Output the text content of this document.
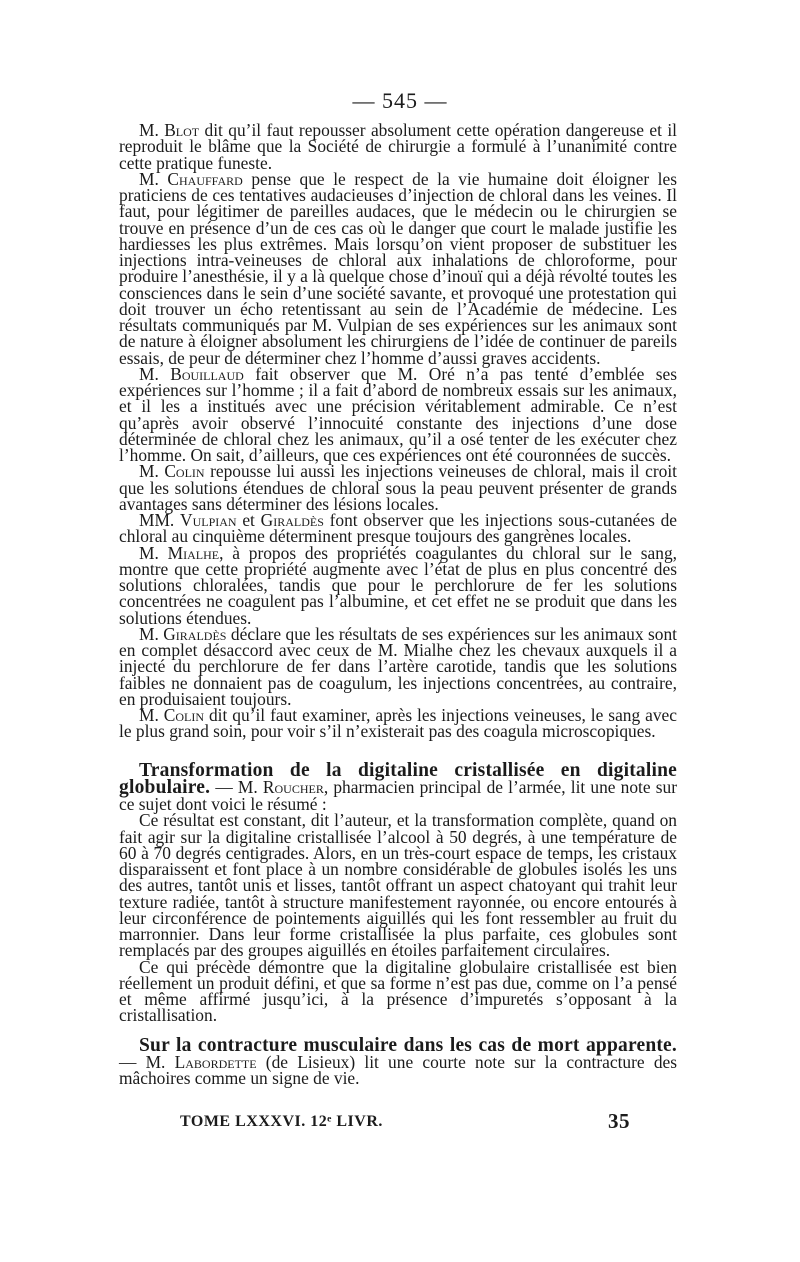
— 545 —

M. Blot dit qu’il faut repousser absolument cette opération dangereuse et il reproduit le blâme que la Société de chirurgie a formulé à l’unanimité contre cette pratique funeste.

M. Chauffard pense que le respect de la vie humaine doit éloigner les praticiens de ces tentatives audacieuses d’injection de chloral dans les veines. Il faut, pour légitimer de pareilles audaces, que le médecin ou le chirurgien se trouve en présence d’un de ces cas où le danger que court le malade justifie les hardiesses les plus extrêmes. Mais lorsqu’on vient proposer de substituer les injections intra-veineuses de chloral aux inhalations de chloroforme, pour produire l’anesthésie, il y a là quelque chose d’inouï qui a déjà révolté toutes les consciences dans le sein d’une société savante, et provoqué une protestation qui doit trouver un écho retentissant au sein de l’Académie de médecine. Les résultats communiqués par M. Vulpian de ses expériences sur les animaux sont de nature à éloigner absolument les chirurgiens de l’idée de continuer de pareils essais, de peur de déterminer chez l’homme d’aussi graves accidents.

M. Bouillaud fait observer que M. Oré n’a pas tenté d’emblée ses expériences sur l’homme ; il a fait d’abord de nombreux essais sur les animaux, et il les a institués avec une précision véritablement admirable. Ce n’est qu’après avoir observé l’innocuité constante des injections d’une dose déterminée de chloral chez les animaux, qu’il a osé tenter de les exécuter chez l’homme. On sait, d’ailleurs, que ces expériences ont été couronnées de succès.

M. Colin repousse lui aussi les injections veineuses de chloral, mais il croit que les solutions étendues de chloral sous la peau peuvent présenter de grands avantages sans déterminer des lésions locales.

MM. Vulpian et Giraldès font observer que les injections sous-cutanées de chloral au cinquième déterminent presque toujours des gangrènes locales.

M. Mialhe, à propos des propriétés coagulantes du chloral sur le sang, montre que cette propriété augmente avec l’état de plus en plus concentré des solutions chloralées, tandis que pour le perchlorure de fer les solutions concentrées ne coagulent pas l’albumine, et cet effet ne se produit que dans les solutions étendues.

M. Giraldès déclare que les résultats de ses expériences sur les animaux sont en complet désaccord avec ceux de M. Mialhe chez les chevaux auxquels il a injecté du perchlorure de fer dans l’artère carotide, tandis que les solutions faibles ne donnaient pas de coagulum, les injections concentrées, au contraire, en produisaient toujours.

M. Colin dit qu’il faut examiner, après les injections veineuses, le sang avec le plus grand soin, pour voir s’il n’existerait pas des coagula microscopiques.

Transformation de la digitaline cristallisée en digitaline globulaire. — M. Roucher, pharmacien principal de l’armée, lit une note sur ce sujet dont voici le résumé :

Ce résultat est constant, dit l’auteur, et la transformation complète, quand on fait agir sur la digitaline cristallisée l’alcool à 50 degrés, à une température de 60 à 70 degrés centigrades. Alors, en un très-court espace de temps, les cristaux disparaissent et font place à un nombre considérable de globules isolés les uns des autres, tantôt unis et lisses, tantôt offrant un aspect chatoyant qui trahit leur texture radiée, tantôt à structure manifestement rayonnée, ou encore entourés à leur circonférence de pointements aiguillés qui les font ressembler au fruit du marronnier. Dans leur forme cristallisée la plus parfaite, ces globules sont remplacés par des groupes aiguillés en étoiles parfaitement circulaires.

Ce qui précède démontre que la digitaline globulaire cristallisée est bien réellement un produit défini, et que sa forme n’est pas due, comme on l’a pensé et même affirmé jusqu’ici, à la présence d’impuretés s’opposant à la cristallisation.

Sur la contracture musculaire dans les cas de mort apparente. — M. Labordette (de Lisieux) lit une courte note sur la contracture des mâchoires comme un signe de vie.

TOME LXXXVI. 12ᵉ LIVR.	35
